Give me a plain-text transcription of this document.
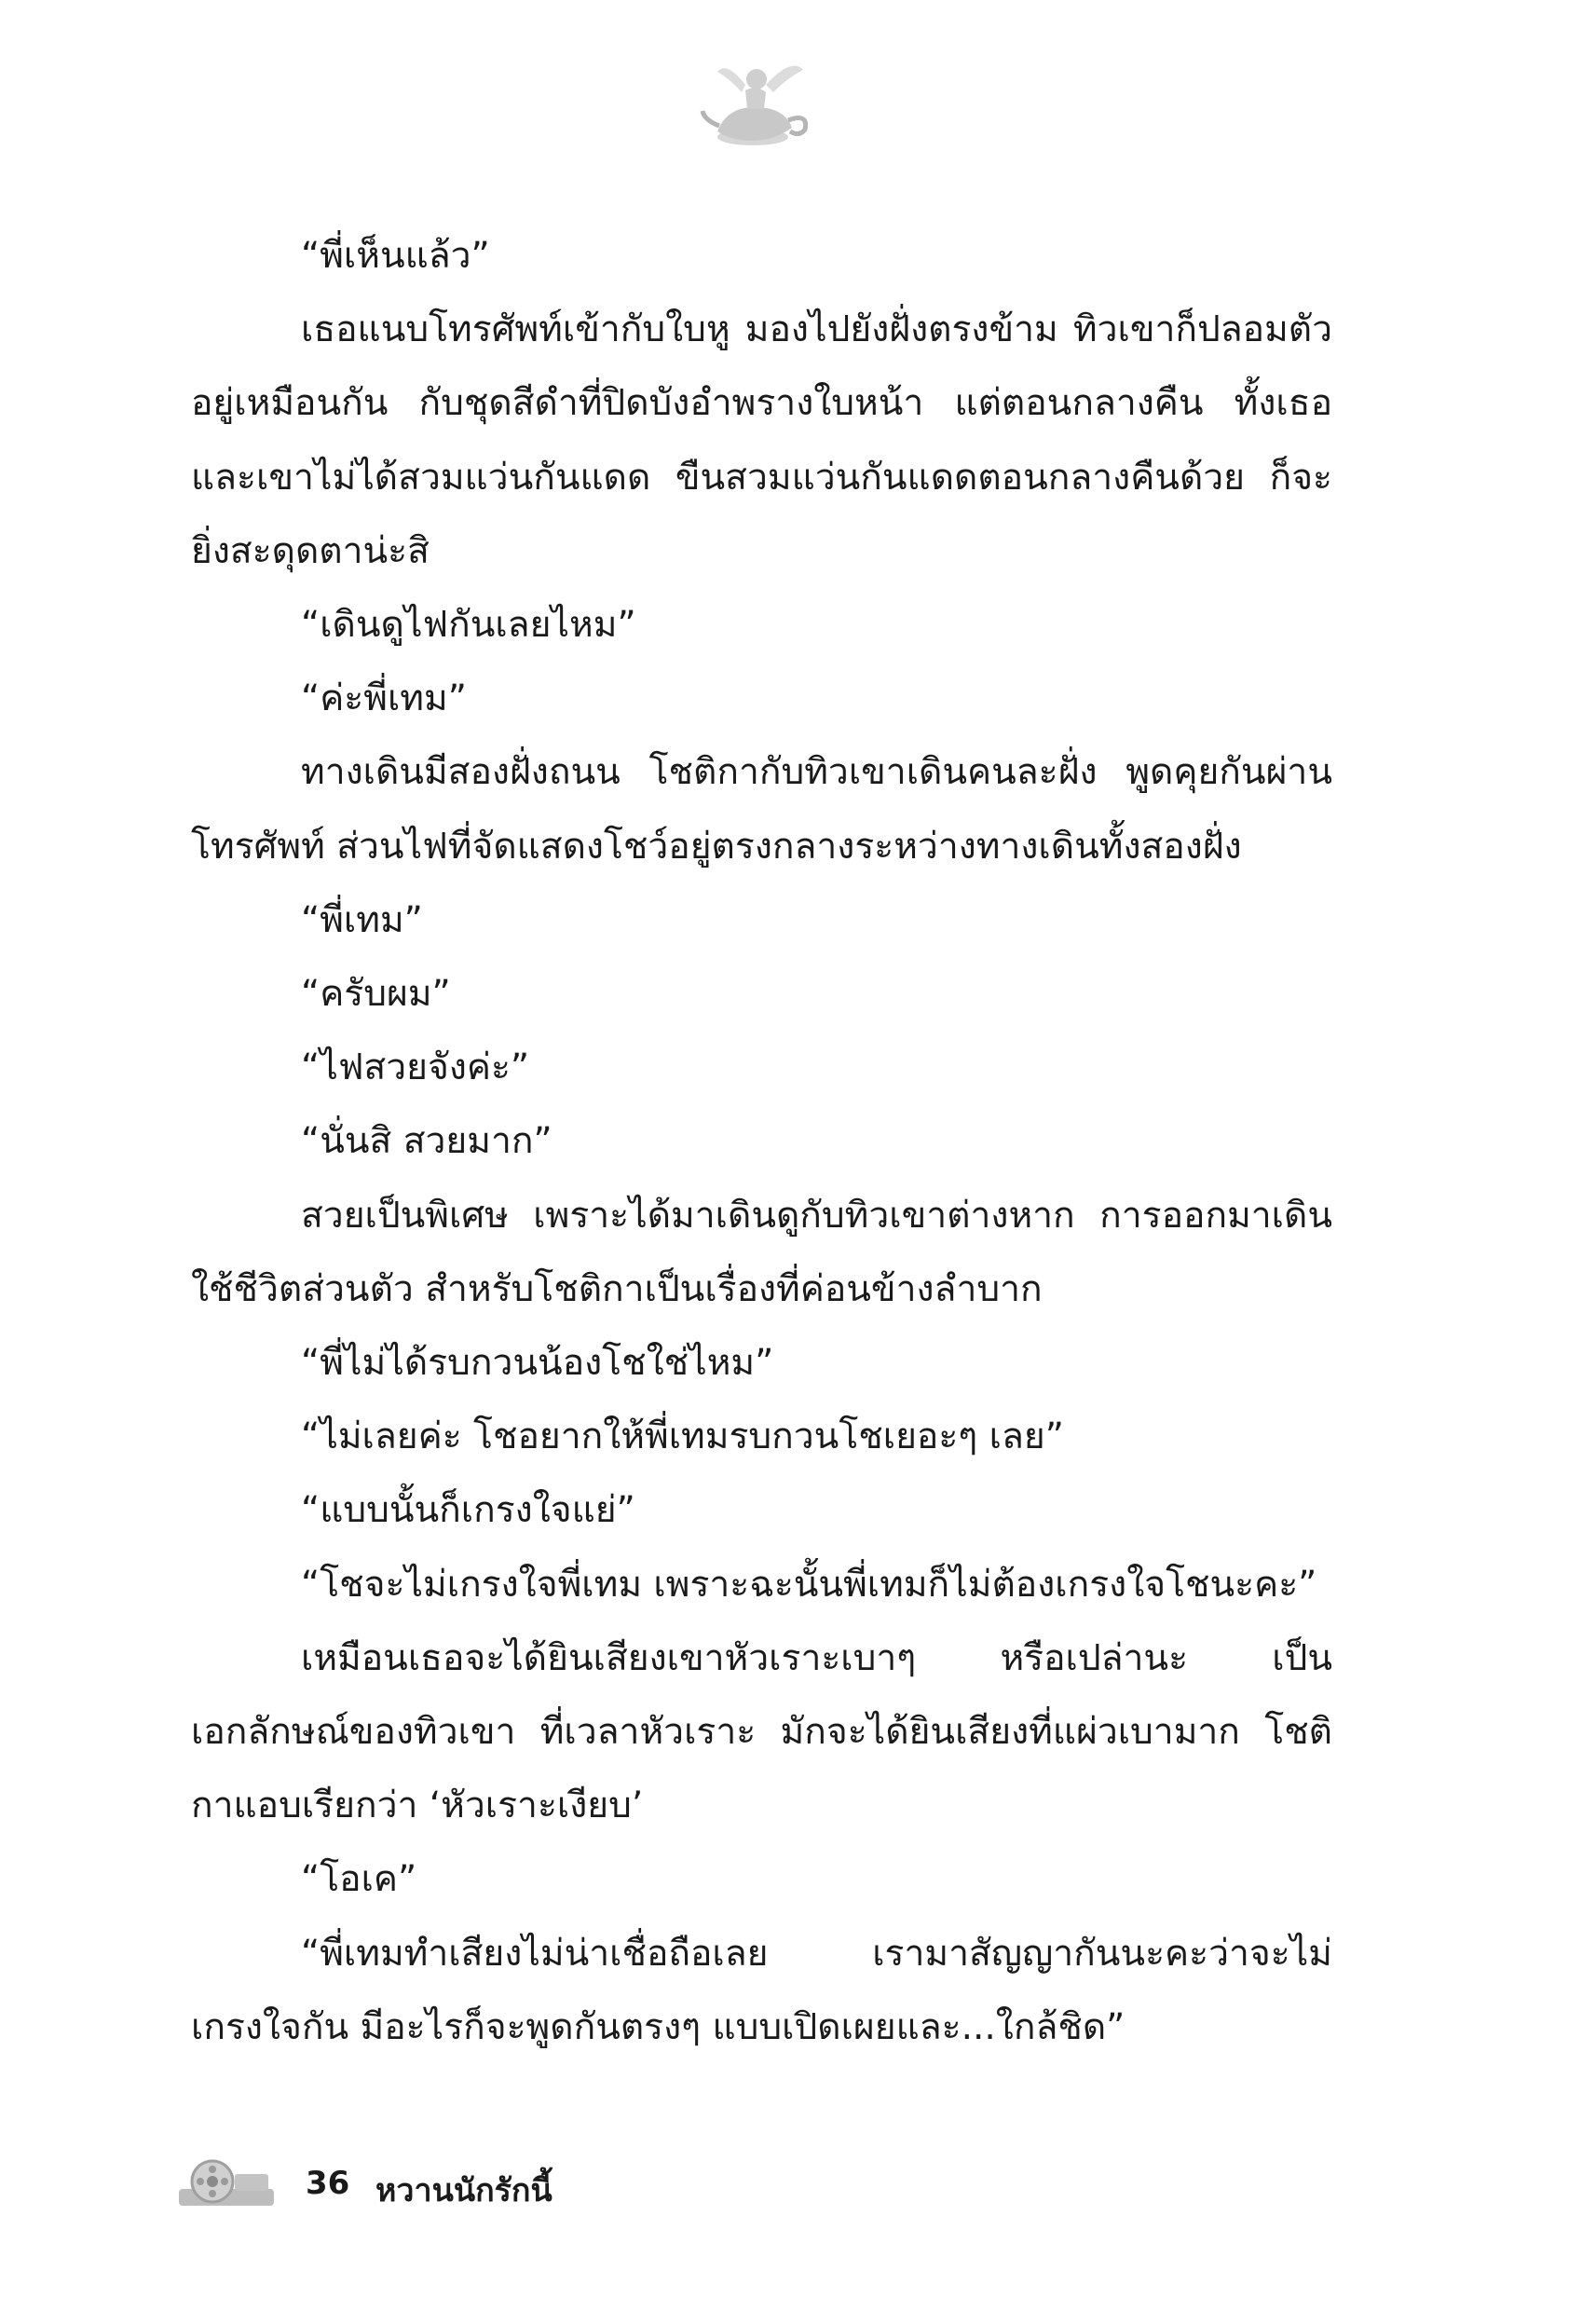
“พี่เห็นแล้ว”

เธอแนบโทรศัพท์เข้ากับใบหู มองไปยังฝั่งตรงข้าม ทิวเขาก็ปลอมตัวอยู่เหมือนกัน กับชุดสีดำที่ปิดบังอำพรางใบหน้า แต่ตอนกลางคืน ทั้งเธอและเขาไม่ได้สวมแว่นกันแดด ขืนสวมแว่นกันแดดตอนกลางคืนด้วย ก็จะยิ่งสะดุดตาน่ะสิ

“เดินดูไฟกันเลยไหม”

“ค่ะพี่เทม”

ทางเดินมีสองฝั่งถนน โชติกากับทิวเขาเดินคนละฝั่ง พูดคุยกันผ่านโทรศัพท์ ส่วนไฟที่จัดแสดงโชว์อยู่ตรงกลางระหว่างทางเดินทั้งสองฝั่ง

“พี่เทม”

“ครับผม”

“ไฟสวยจังค่ะ”

“นั่นสิ สวยมาก”

สวยเป็นพิเศษ เพราะได้มาเดินดูกับทิวเขาต่างหาก การออกมาเดินใช้ชีวิตส่วนตัว สำหรับโชติกาเป็นเรื่องที่ค่อนข้างลำบาก

“พี่ไม่ได้รบกวนน้องโชใช่ไหม”

“ไม่เลยค่ะ โชอยากให้พี่เทมรบกวนโชเยอะๆ เลย”

“แบบนั้นก็เกรงใจแย่”

“โชจะไม่เกรงใจพี่เทม เพราะฉะนั้นพี่เทมก็ไม่ต้องเกรงใจโชนะคะ”

เหมือนเธอจะได้ยินเสียงเขาหัวเราะเบาๆ หรือเปล่านะ เป็นเอกลักษณ์ของทิวเขา ที่เวลาหัวเราะ มักจะได้ยินเสียงที่แผ่วเบามาก โชติกาแอบเรียกว่า ‘หัวเราะเงียบ’

“โอเค”

“พี่เทมทำเสียงไม่น่าเชื่อถือเลย เรามาสัญญากันนะคะว่าจะไม่เกรงใจกัน มีอะไรก็จะพูดกันตรงๆ แบบเปิดเผยและ...ใกล้ชิด”

36 หวานนักรักนี้
